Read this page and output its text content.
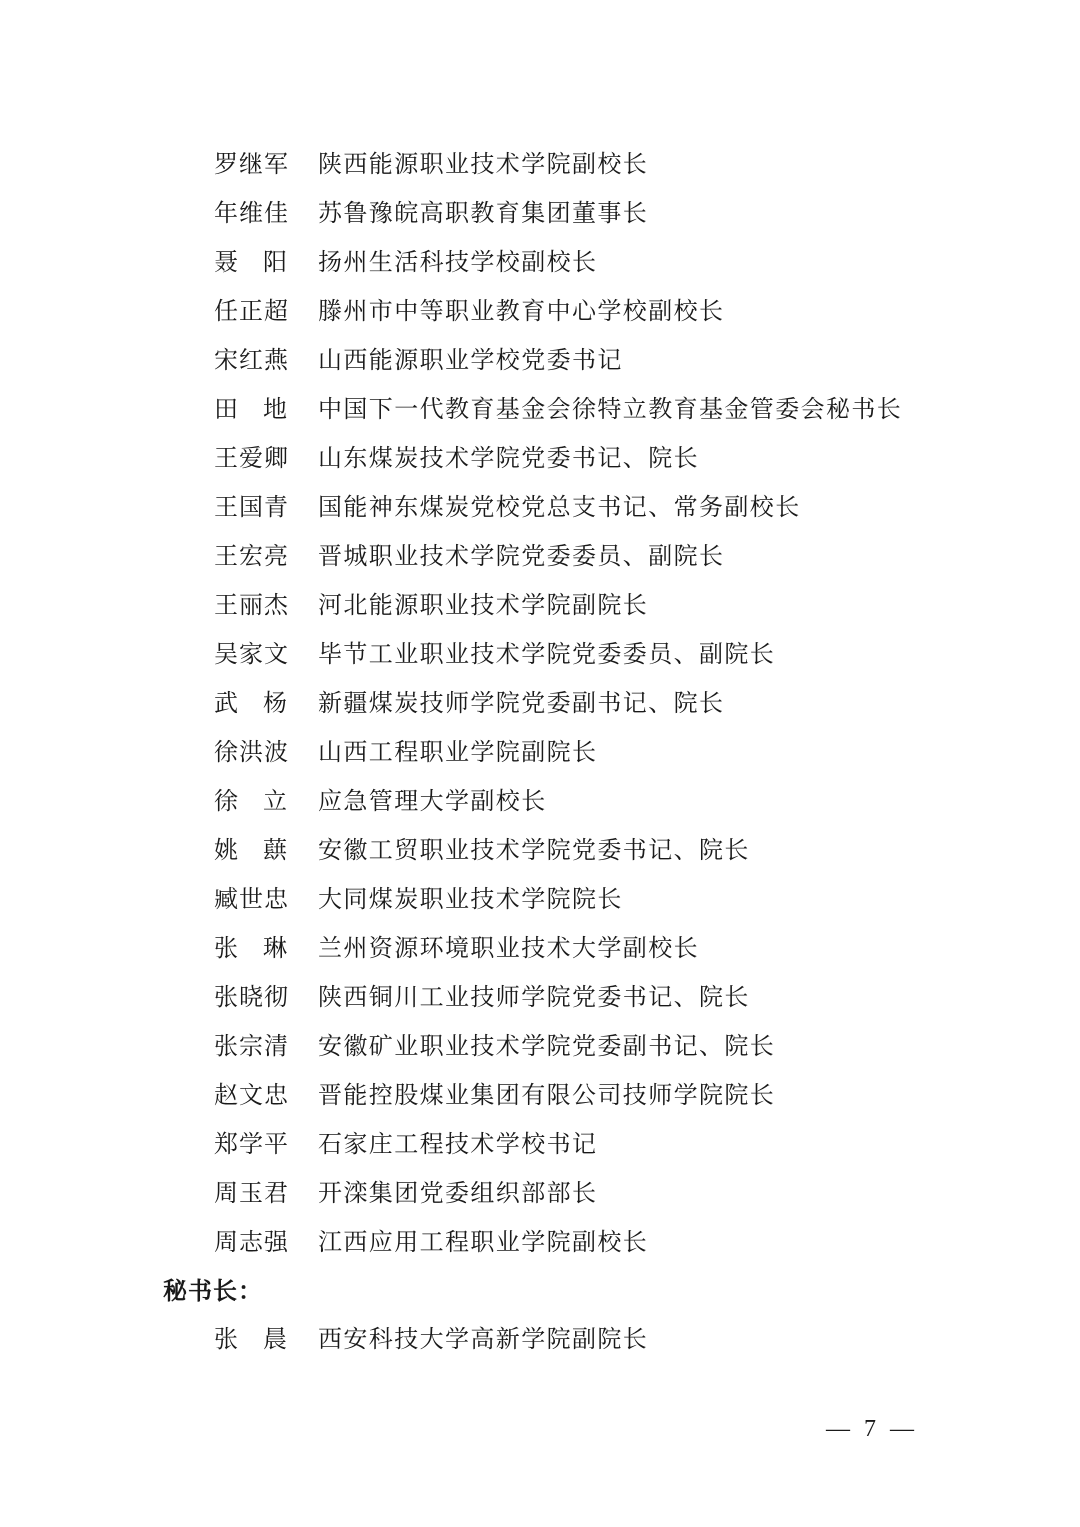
罗 继 军 陕西能源职业技术学院副校长
年 维 佳 苏鲁豫皖高职教育集团董事长
聂 阳 扬州生活科技学校副校长
任 正 超 滕州市中等职业教育中心学校副校长
宋 红 燕 山西能源职业学校党委书记
田 地 中国下一代教育基金会徐特立教育基金管委会秘书长
王 爱 卿 山东煤炭技术学院党委书记、院长
王 国 青 国能神东煤炭党校党总支书记、常务副校长
王 宏 亮 晋城职业技术学院党委委员、副院长
王 丽 杰 河北能源职业技术学院副院长
吴 家 文 毕节工业职业技术学院党委委员、副院长
武 杨 新疆煤炭技师学院党委副书记、院长
徐 洪 波 山西工程职业学院副院长
徐 立 应急管理大学副校长
姚 蕻 安徽工贸职业技术学院党委书记、院长
臧 世 忠 大同煤炭职业技术学院院长
张 琳 兰州资源环境职业技术大学副校长
张 晓 彻 陕西铜川工业技师学院党委书记、院长
张 宗 清 安徽矿业职业技术学院党委副书记、院长
赵 文 忠 晋能控股煤业集团有限公司技师学院院长
郑 学 平 石家庄工程技术学校书记
周 玉 君 开滦集团党委组织部部长
周 志 强 江西应用工程职业学院副校长
秘书长：
张 晨 西安科技大学高新学院副院长
— 7 —
